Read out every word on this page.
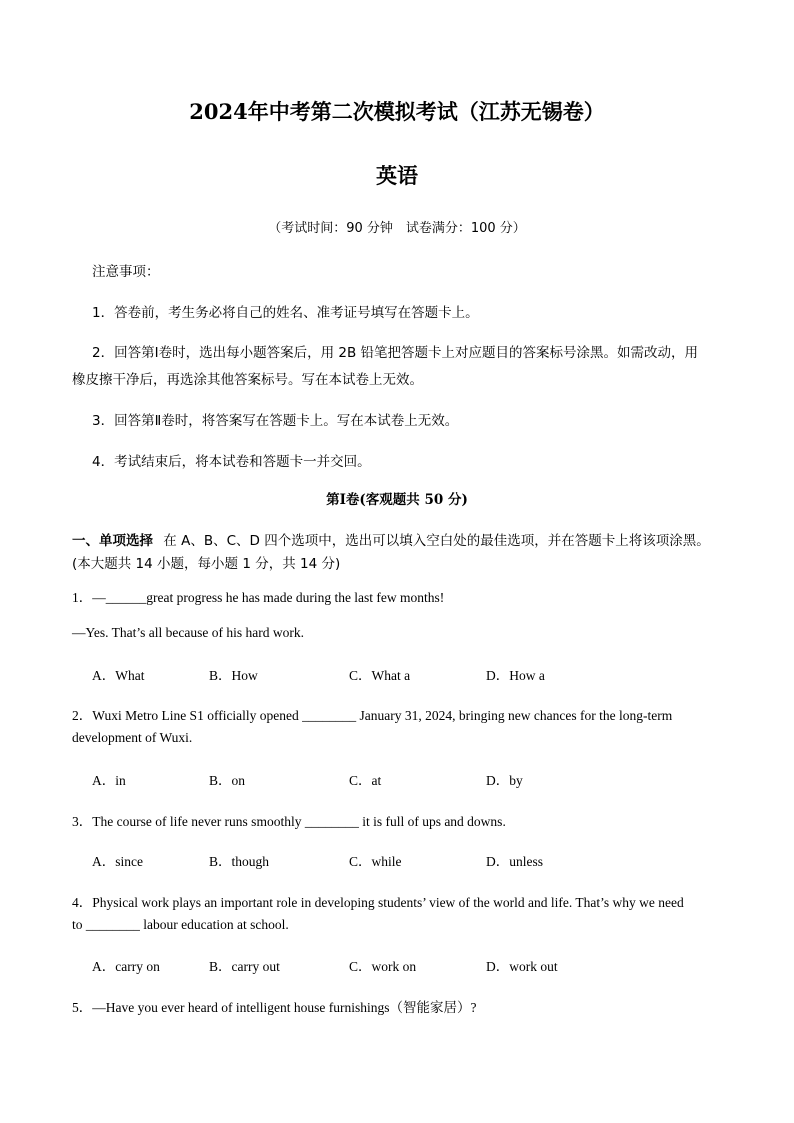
2024年中考第二次模拟考试（江苏无锡卷）
英语
（考试时间：90 分钟　试卷满分：100 分）
注意事项：
1．答卷前，考生务必将自己的姓名、准考证号填写在答题卡上。
2．回答第Ⅰ卷时，选出每小题答案后，用 2B 铅笔把答题卡上对应题目的答案标号涂黑。如需改动，用
橡皮擦干净后，再选涂其他答案标号。写在本试卷上无效。
3．回答第Ⅱ卷时，将答案写在答题卡上。写在本试卷上无效。
4．考试结束后，将本试卷和答题卡一并交回。
第Ⅰ卷(客观题共 50 分)
一、单项选择 在 A、B、C、D 四个选项中，选出可以填入空白处的最佳选项，并在答题卡上将该项涂黑。
(本大题共 14 小题，每小题 1 分，共 14 分)
1．—______great progress he has made during the last few months!
—Yes. That’s all because of his hard work.
A．What	B．How	C．What a	D．How a
2．Wuxi Metro Line S1 officially opened ________ January 31, 2024, bringing new chances for the long-term
development of Wuxi.
A．in	B．on	C．at	D．by
3．The course of life never runs smoothly ________ it is full of ups and downs.
A．since	B．though	C．while	D．unless
4．Physical work plays an important role in developing students’ view of the world and life. That’s why we need
to ________ labour education at school.
A．carry on	B．carry out	C．work on	D．work out
5．—Have you ever heard of intelligent house furnishings（智能家居）?
